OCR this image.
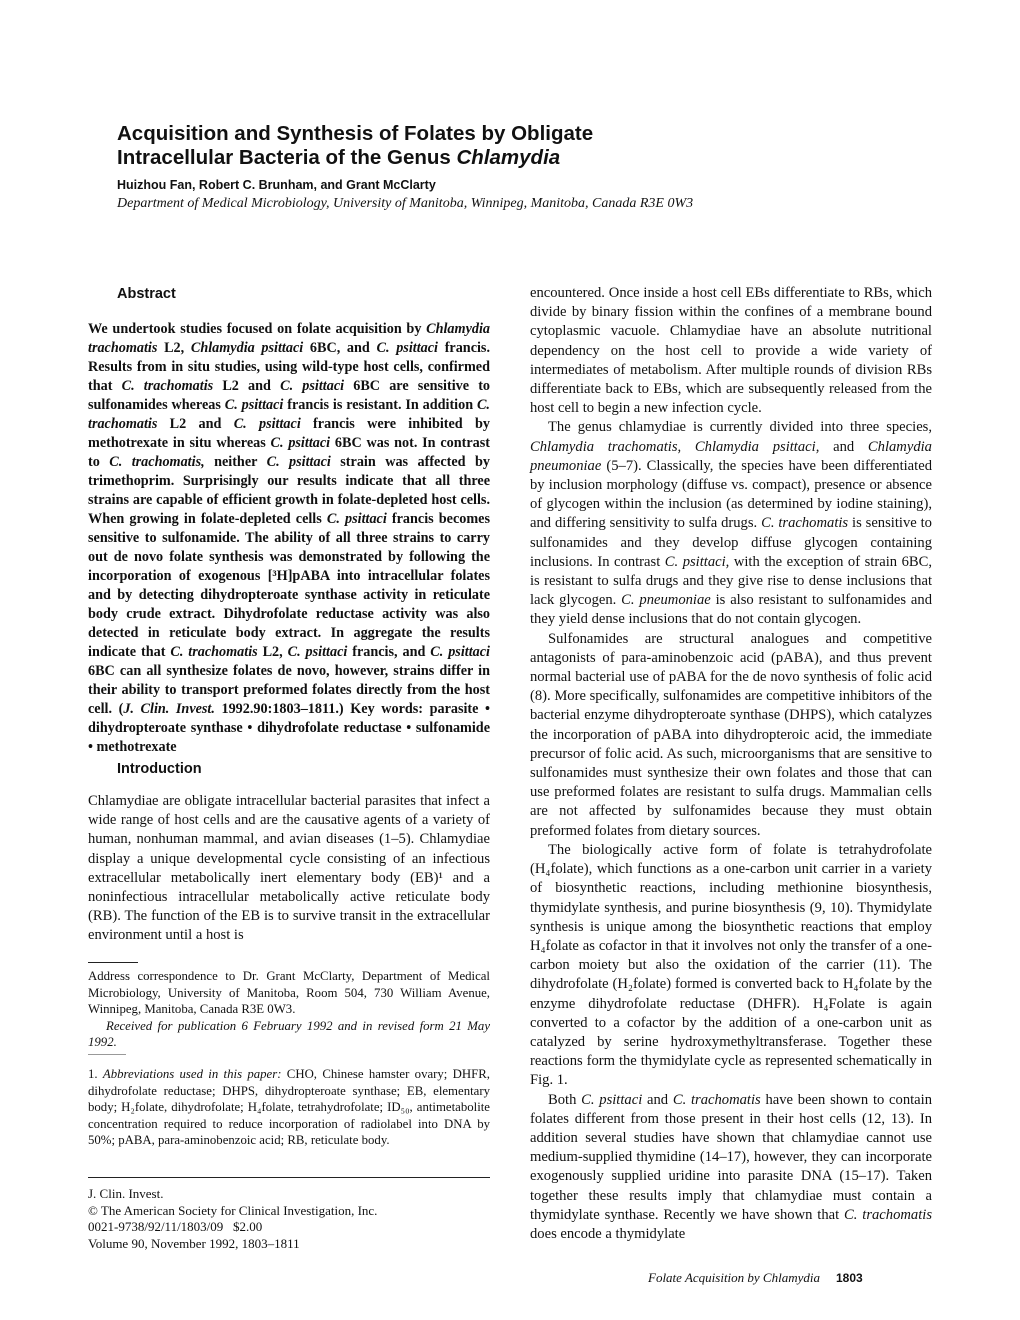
Acquisition and Synthesis of Folates by Obligate
Intracellular Bacteria of the Genus Chlamydia
Huizhou Fan, Robert C. Brunham, and Grant McClarty
Department of Medical Microbiology, University of Manitoba, Winnipeg, Manitoba, Canada R3E 0W3
Abstract

We undertook studies focused on folate acquisition by Chlamydia trachomatis L2, Chlamydia psittaci 6BC, and C. psittaci francis. Results from in situ studies, using wild-type host cells, confirmed that C. trachomatis L2 and C. psittaci 6BC are sensitive to sulfonamides whereas C. psittaci francis is resistant. In addition C. trachomatis L2 and C. psittaci francis were inhibited by methotrexate in situ whereas C. psittaci 6BC was not. In contrast to C. trachomatis, neither C. psittaci strain was affected by trimethoprim. Surprisingly our results indicate that all three strains are capable of efficient growth in folate-depleted host cells. When growing in folate-depleted cells C. psittaci francis becomes sensitive to sulfonamide. The ability of all three strains to carry out de novo folate synthesis was demonstrated by following the incorporation of exogenous [³H]pABA into intracellular folates and by detecting dihydropteroate synthase activity in reticulate body crude extract. Dihydrofolate reductase activity was also detected in reticulate body extract. In aggregate the results indicate that C. trachomatis L2, C. psittaci francis, and C. psittaci 6BC can all synthesize folates de novo, however, strains differ in their ability to transport preformed folates directly from the host cell. (J. Clin. Invest. 1992.90:1803–1811.) Key words: parasite • dihydropteroate synthase • dihydrofolate reductase • sulfonamide • methotrexate

Introduction

Chlamydiae are obligate intracellular bacterial parasites that infect a wide range of host cells and are the causative agents of a variety of human, nonhuman mammal, and avian diseases (1–5). Chlamydiae display a unique developmental cycle consisting of an infectious extracellular metabolically inert elementary body (EB)¹ and a noninfectious intracellular metabolically active reticulate body (RB). The function of the EB is to survive transit in the extracellular environment until a host is

Address correspondence to Dr. Grant McClarty, Department of Medical Microbiology, University of Manitoba, Room 504, 730 William Avenue, Winnipeg, Manitoba, Canada R3E 0W3.

Received for publication 6 February 1992 and in revised form 21 May 1992.

1. Abbreviations used in this paper: CHO, Chinese hamster ovary; DHFR, dihydrofolate reductase; DHPS, dihydropteroate synthase; EB, elementary body; H₂folate, dihydrofolate; H₄folate, tetrahydrofolate; ID₅₀, antimetabolite concentration required to reduce incorporation of radiolabel into DNA by 50%; pABA, para-aminobenzoic acid; RB, reticulate body.

J. Clin. Invest.
© The American Society for Clinical Investigation, Inc.
0021-9738/92/11/1803/09   $2.00
Volume 90, November 1992, 1803–1811

encountered. Once inside a host cell EBs differentiate to RBs, which divide by binary fission within the confines of a membrane bound cytoplasmic vacuole. Chlamydiae have an absolute nutritional dependency on the host cell to provide a wide variety of intermediates of metabolism. After multiple rounds of division RBs differentiate back to EBs, which are subsequently released from the host cell to begin a new infection cycle.

The genus chlamydiae is currently divided into three species, Chlamydia trachomatis, Chlamydia psittaci, and Chlamydia pneumoniae (5–7). Classically, the species have been differentiated by inclusion morphology (diffuse vs. compact), presence or absence of glycogen within the inclusion (as determined by iodine staining), and differing sensitivity to sulfa drugs. C. trachomatis is sensitive to sulfonamides and they develop diffuse glycogen containing inclusions. In contrast C. psittaci, with the exception of strain 6BC, is resistant to sulfa drugs and they give rise to dense inclusions that lack glycogen. C. pneumoniae is also resistant to sulfonamides and they yield dense inclusions that do not contain glycogen.

Sulfonamides are structural analogues and competitive antagonists of para-aminobenzoic acid (pABA), and thus prevent normal bacterial use of pABA for the de novo synthesis of folic acid (8). More specifically, sulfonamides are competitive inhibitors of the bacterial enzyme dihydropteroate synthase (DHPS), which catalyzes the incorporation of pABA into dihydropteroic acid, the immediate precursor of folic acid. As such, microorganisms that are sensitive to sulfonamides must synthesize their own folates and those that can use preformed folates are resistant to sulfa drugs. Mammalian cells are not affected by sulfonamides because they must obtain preformed folates from dietary sources.

The biologically active form of folate is tetrahydrofolate (H₄folate), which functions as a one-carbon unit carrier in a variety of biosynthetic reactions, including methionine biosynthesis, thymidylate synthesis, and purine biosynthesis (9, 10). Thymidylate synthesis is unique among the biosynthetic reactions that employ H₄folate as cofactor in that it involves not only the transfer of a one-carbon moiety but also the oxidation of the carrier (11). The dihydrofolate (H₂folate) formed is converted back to H₄folate by the enzyme dihydrofolate reductase (DHFR). H₄Folate is again converted to a cofactor by the addition of a one-carbon unit as catalyzed by serine hydroxymethyltransferase. Together these reactions form the thymidylate cycle as represented schematically in Fig. 1.

Both C. psittaci and C. trachomatis have been shown to contain folates different from those present in their host cells (12, 13). In addition several studies have shown that chlamydiae cannot use medium-supplied thymidine (14–17), however, they can incorporate exogenously supplied uridine into parasite DNA (15–17). Taken together these results imply that chlamydiae must contain a thymidylate synthase. Recently we have shown that C. trachomatis does encode a thymidylate

Folate Acquisition by Chlamydia 1803
